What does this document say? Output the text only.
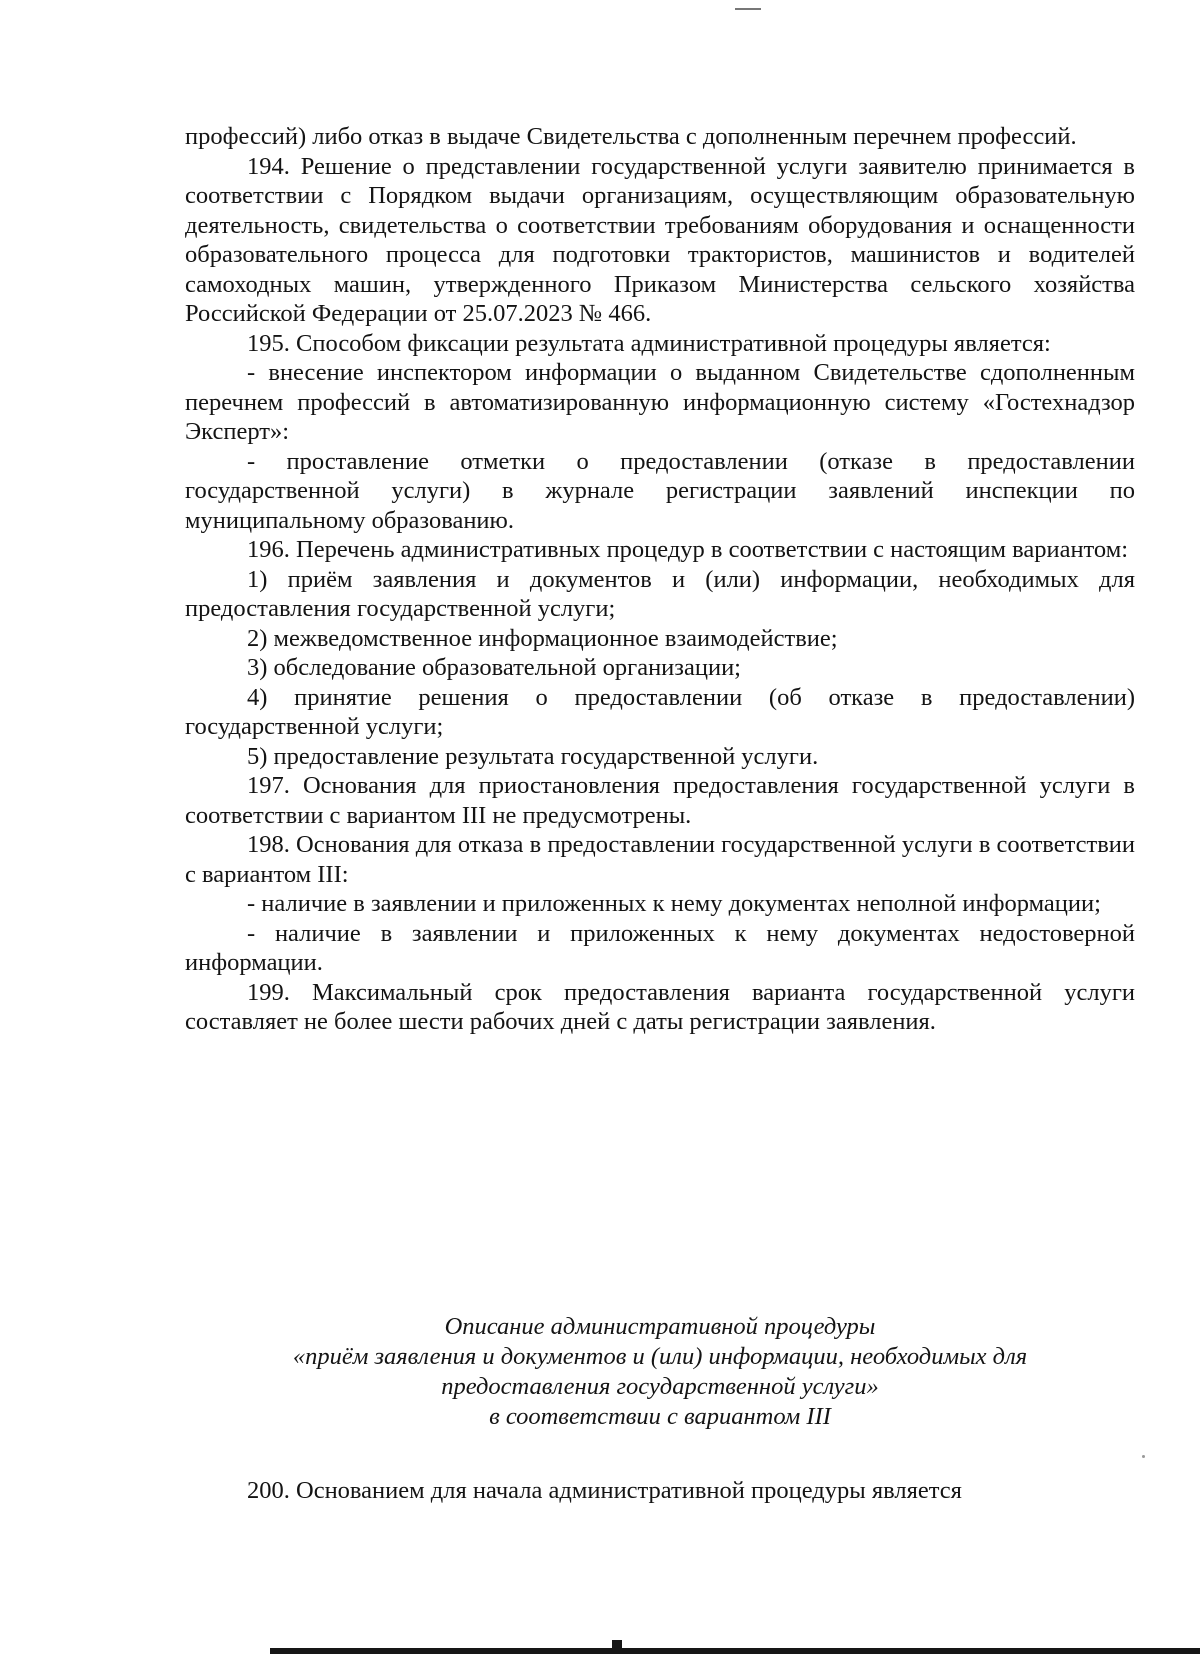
профессий) либо отказ в выдаче Свидетельства с дополненным перечнем профессий.

194. Решение о представлении государственной услуги заявителю принимается в соответствии с Порядком выдачи организациям, осуществляющим образовательную деятельность, свидетельства о соответствии требованиям оборудования и оснащенности образовательного процесса для подготовки трактористов, машинистов и водителей самоходных машин, утвержденного Приказом Министерства сельского хозяйства Российской Федерации от 25.07.2023 № 466.

195. Способом фиксации результата административной процедуры является:

- внесение инспектором информации о выданном Свидетельстве сдополненным перечнем профессий в автоматизированную информационную систему «Гостехнадзор Эксперт»:

- проставление отметки о предоставлении (отказе в предоставлении государственной услуги) в журнале регистрации заявлений инспекции по муниципальному образованию.

196. Перечень административных процедур в соответствии с настоящим вариантом:

1) приём заявления и документов и (или) информации, необходимых для предоставления государственной услуги;

2) межведомственное информационное взаимодействие;

3) обследование образовательной организации;

4) принятие решения о предоставлении (об отказе в предоставлении) государственной услуги;

5) предоставление результата государственной услуги.

197. Основания для приостановления предоставления государственной услуги в соответствии с вариантом III не предусмотрены.

198. Основания для отказа в предоставлении государственной услуги в соответствии с вариантом III:

- наличие в заявлении и приложенных к нему документах неполной информации;

- наличие в заявлении и приложенных к нему документах недостоверной информации.

199. Максимальный срок предоставления варианта государственной услуги составляет не более шести рабочих дней с даты регистрации заявления.

Описание административной процедуры
«приём заявления и документов и (или) информации, необходимых для
предоставления государственной услуги»
в соответствии с вариантом III

200. Основанием для начала административной процедуры является
